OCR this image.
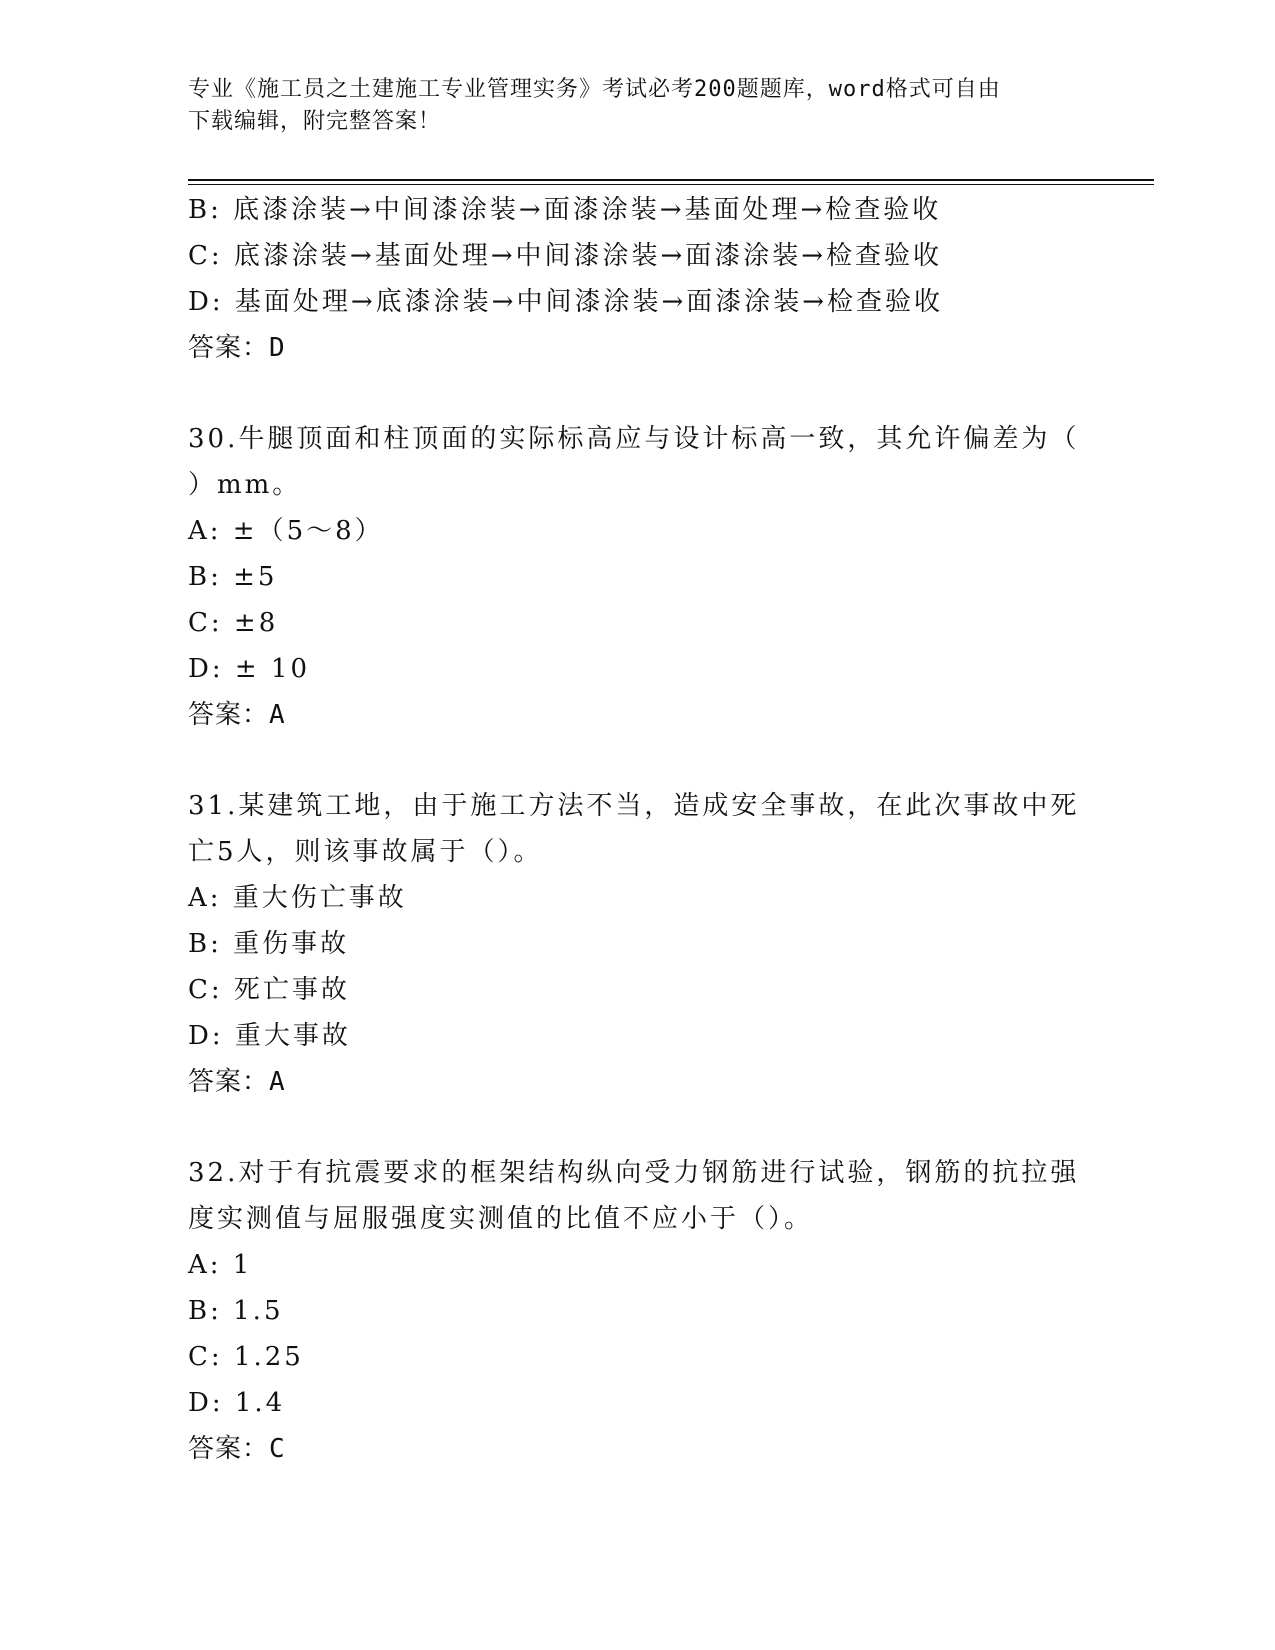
专业《施工员之土建施工专业管理实务》考试必考200题题库，word格式可自由
下载编辑，附完整答案！
B: 底漆涂装→中间漆涂装→面漆涂装→基面处理→检查验收
C: 底漆涂装→基面处理→中间漆涂装→面漆涂装→检查验收
D: 基面处理→底漆涂装→中间漆涂装→面漆涂装→检查验收
答案：D
30.牛腿顶面和柱顶面的实际标高应与设计标高一致，其允许偏差为（
）mm。
A: ±（5～8）
B: ±5
C: ±8
D: ± 10
答案：A
31.某建筑工地，由于施工方法不当，造成安全事故，在此次事故中死
亡5人，则该事故属于（）。
A: 重大伤亡事故
B: 重伤事故
C: 死亡事故
D: 重大事故
答案：A
32.对于有抗震要求的框架结构纵向受力钢筋进行试验，钢筋的抗拉强
度实测值与屈服强度实测值的比值不应小于（）。
A: 1
B: 1.5
C: 1.25
D: 1.4
答案：C
